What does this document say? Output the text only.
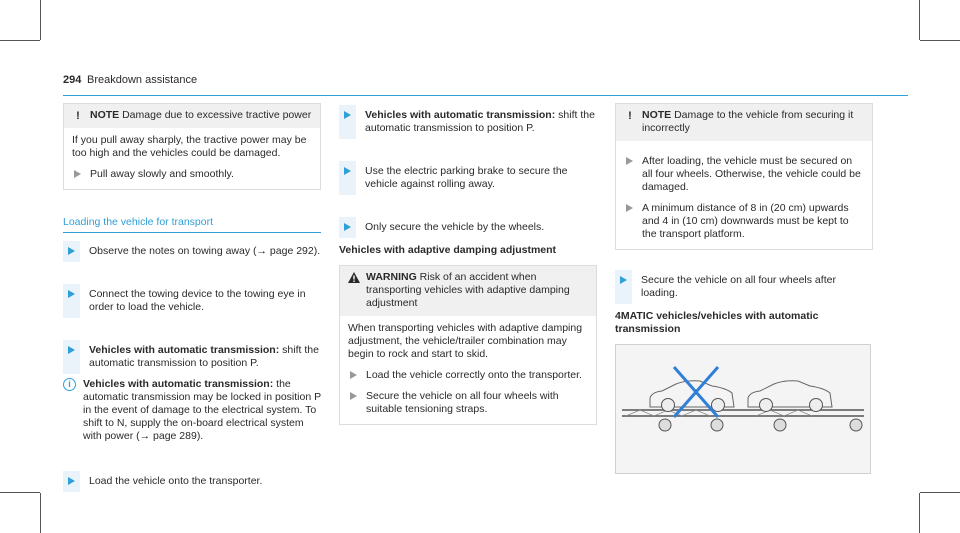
294 Breakdown assistance
! NOTE Damage due to excessive tractive power
If you pull away sharply, the tractive power may be too high and the vehicles could be damaged.
Pull away slowly and smoothly.
Loading the vehicle for transport
Observe the notes on towing away (→ page 292).
Connect the towing device to the towing eye in order to load the vehicle.
Vehicles with automatic transmission: shift the automatic transmission to position P.
i	Vehicles with automatic transmission: the automatic transmission may be locked in position P in the event of damage to the electrical system. To shift to N, supply the on-board electrical system with power (→ page 289).
Load the vehicle onto the transporter.
Vehicles with automatic transmission: shift the automatic transmission to position P.
Use the electric parking brake to secure the vehicle against rolling away.
Only secure the vehicle by the wheels.
Vehicles with adaptive damping adjustment
WARNING Risk of an accident when transporting vehicles with adaptive damping adjustment
When transporting vehicles with adaptive damping adjustment, the vehicle/trailer combination may begin to rock and start to skid.
Load the vehicle correctly onto the transporter.
Secure the vehicle on all four wheels with suitable tensioning straps.
! NOTE Damage to the vehicle from securing it incorrectly
After loading, the vehicle must be secured on all four wheels. Otherwise, the vehicle could be damaged.
A minimum distance of 8 in (20 cm) upwards and 4 in (10 cm) downwards must be kept to the transport platform.
Secure the vehicle on all four wheels after loading.
4MATIC vehicles/vehicles with automatic transmission
